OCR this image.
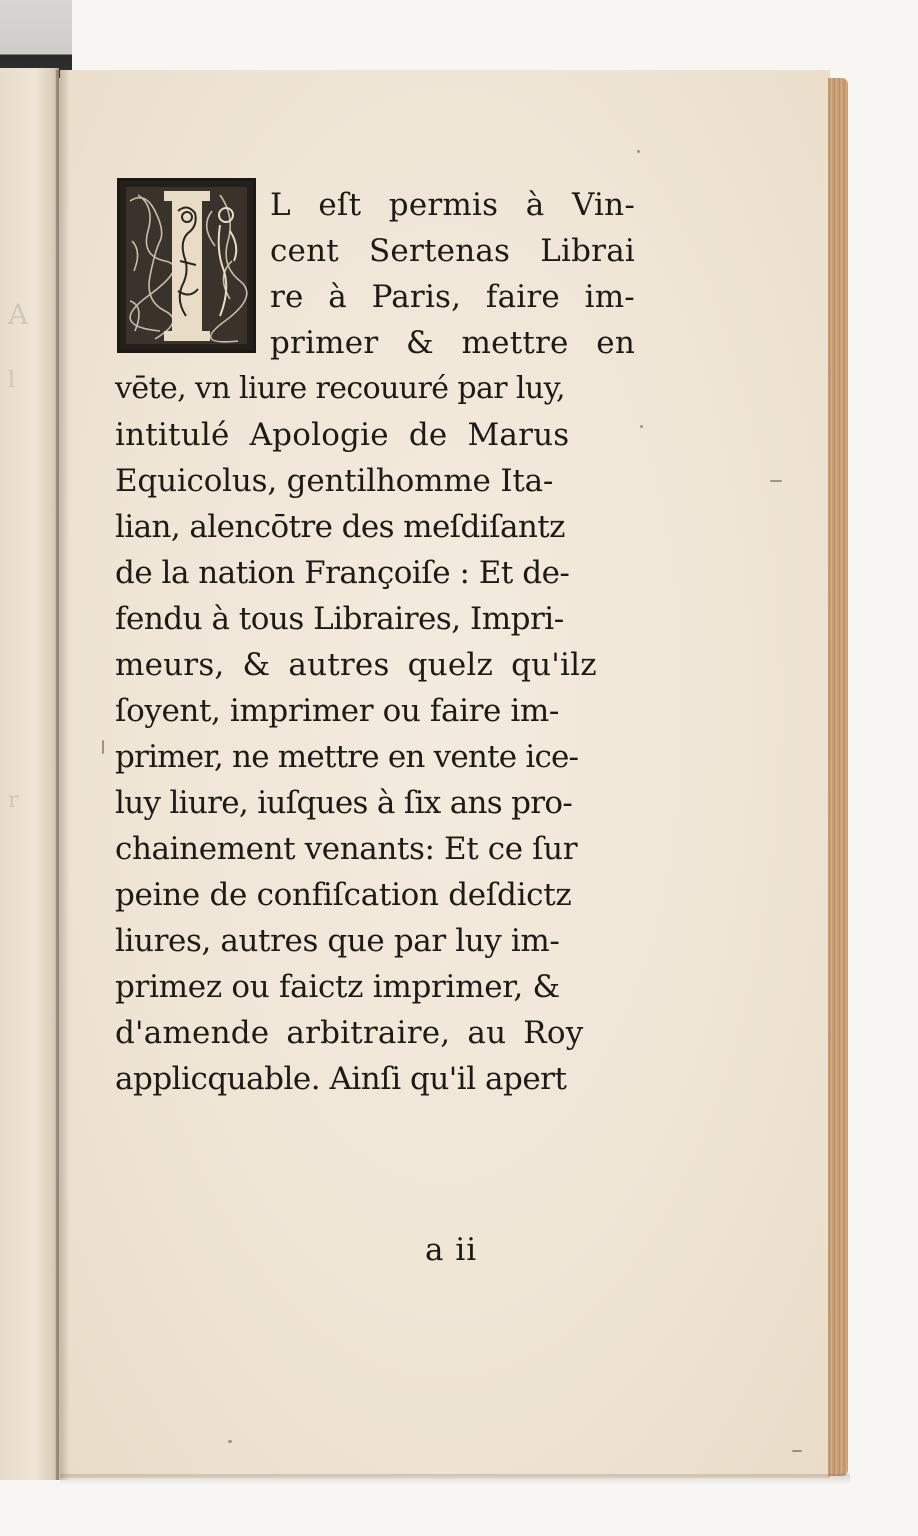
A
l
r
L eſt permis à Vin-
cent Sertenas Librai
re à Paris, faire im-
primer & mettre en
vēte, vn liure recouuré par luy,
intitulé Apologie de Marus
Equicolus, gentilhomme Ita-
lian, alencōtre des meſdiſantz
de la nation Françoiſe : Et de-
fendu à tous Libraires, Impri-
meurs, & autres quelz qu'ilz
ſoyent, imprimer ou faire im-
primer, ne mettre en vente ice-
luy liure, iuſques à ſix ans pro-
chainement venants: Et ce ſur
peine de confiſcation deſdictz
liures, autres que par luy im-
primez ou faictz imprimer, &
d'amende arbitraire, au Roy
applicquable. Ainſi qu'il apert
a ii
